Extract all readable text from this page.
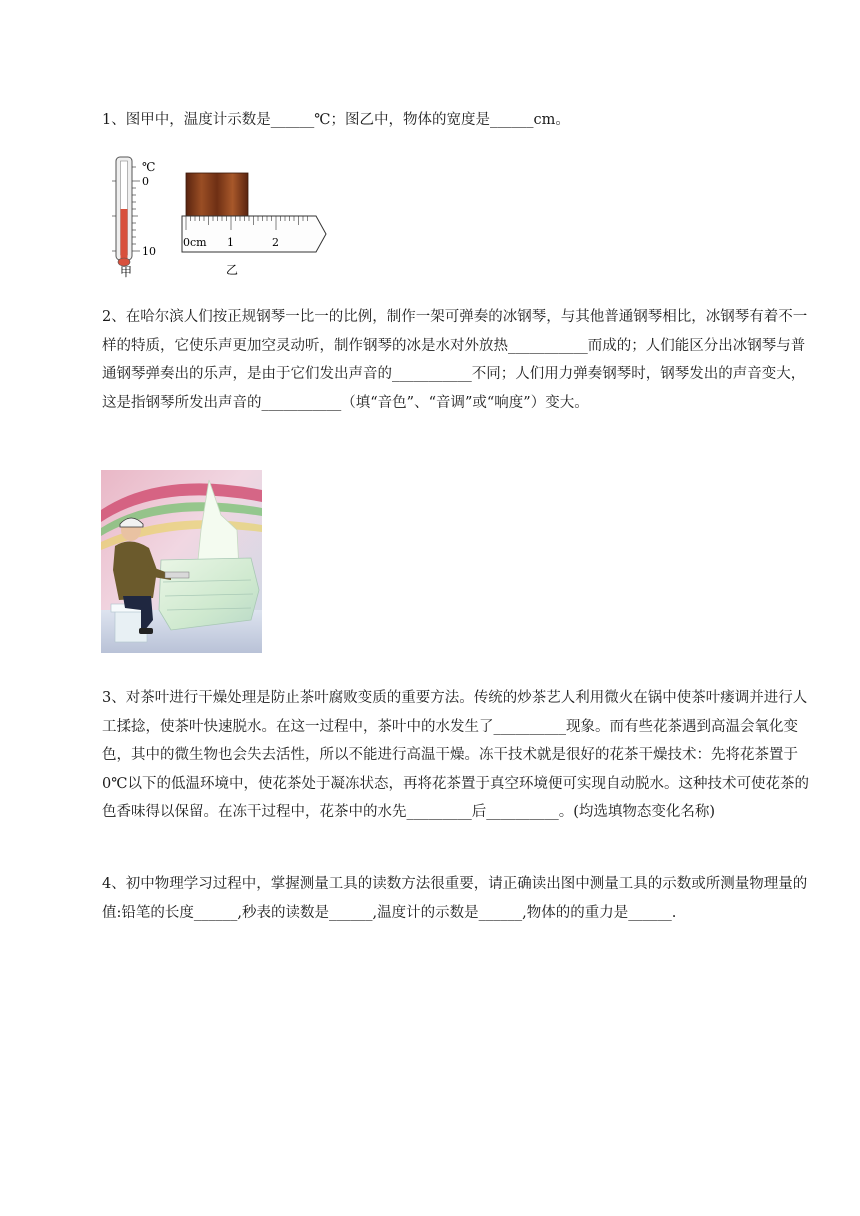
1、图甲中，温度计示数是______℃；图乙中，物体的宽度是______cm。

℃
0
10
甲
0cm 1	2
乙

2、在哈尔滨人们按正规钢琴一比一的比例，制作一架可弹奏的冰钢琴，与其他普通钢琴相比，冰钢琴有着不一样的特质，它使乐声更加空灵动听，制作钢琴的冰是水对外放热___________而成的；人们能区分出冰钢琴与普通钢琴弹奏出的乐声，是由于它们发出声音的___________不同；人们用力弹奏钢琴时，钢琴发出的声音变大，这是指钢琴所发出声音的___________（填“音色”、“音调”或“响度”）变大。

3、对茶叶进行干燥处理是防止茶叶腐败变质的重要方法。传统的炒茶艺人利用微火在锅中使茶叶瘘调并进行人工揉捻，使茶叶快速脱水。在这一过程中，茶叶中的水发生了__________现象。而有些花茶遇到高温会氧化变色，其中的微生物也会失去活性，所以不能进行高温干燥。冻干技术就是很好的花茶干燥技术：先将花茶置于0℃以下的低温环境中，使花茶处于凝冻状态，再将花茶置于真空环境便可实现自动脱水。这种技术可使花茶的色香味得以保留。在冻干过程中，花茶中的水先_________后__________。(均选填物态变化名称)

4、初中物理学习过程中，掌握测量工具的读数方法很重要，请正确读出图中测量工具的示数或所测量物理量的值:铅笔的长度______,秒表的读数是______,温度计的示数是______,物体的的重力是______.
